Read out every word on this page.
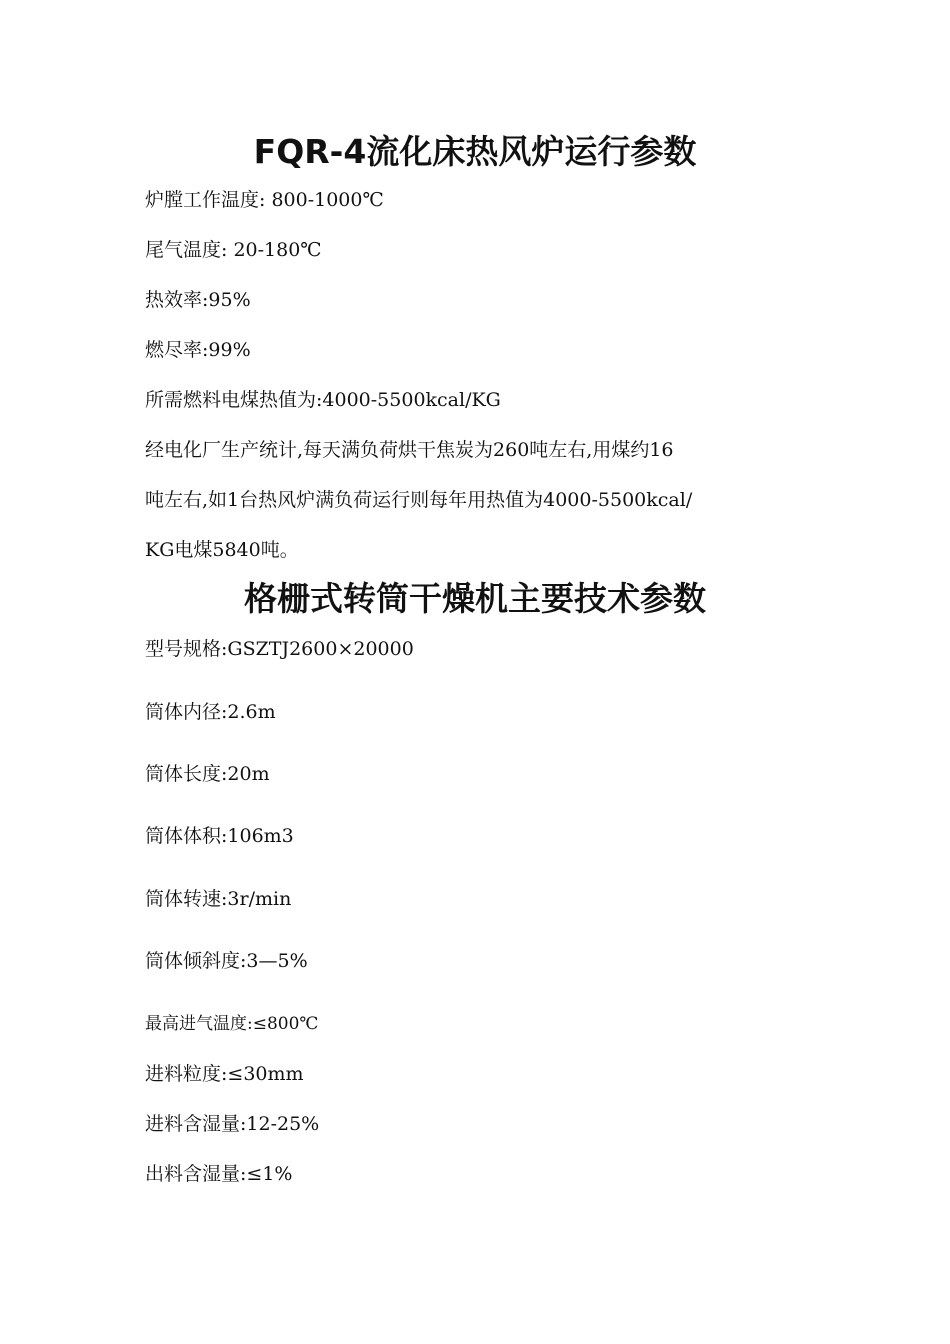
FQR-4流化床热风炉运行参数
炉膛工作温度: 800-1000℃
尾气温度: 20-180℃
热效率:95%
燃尽率:99%
所需燃料电煤热值为:4000-5500kcal/KG
经电化厂生产统计,每天满负荷烘干焦炭为260吨左右,用煤约16
吨左右,如1台热风炉满负荷运行则每年用热值为4000-5500kcal/
KG电煤5840吨。
格栅式转筒干燥机主要技术参数
型号规格:GSZTJ2600×20000
筒体内径:2.6m
筒体长度:20m
筒体体积:106m3
筒体转速:3r/min
筒体倾斜度:3—5%
最高进气温度:≤800℃
进料粒度:≤30mm
进料含湿量:12-25%
出料含湿量:≤1%
